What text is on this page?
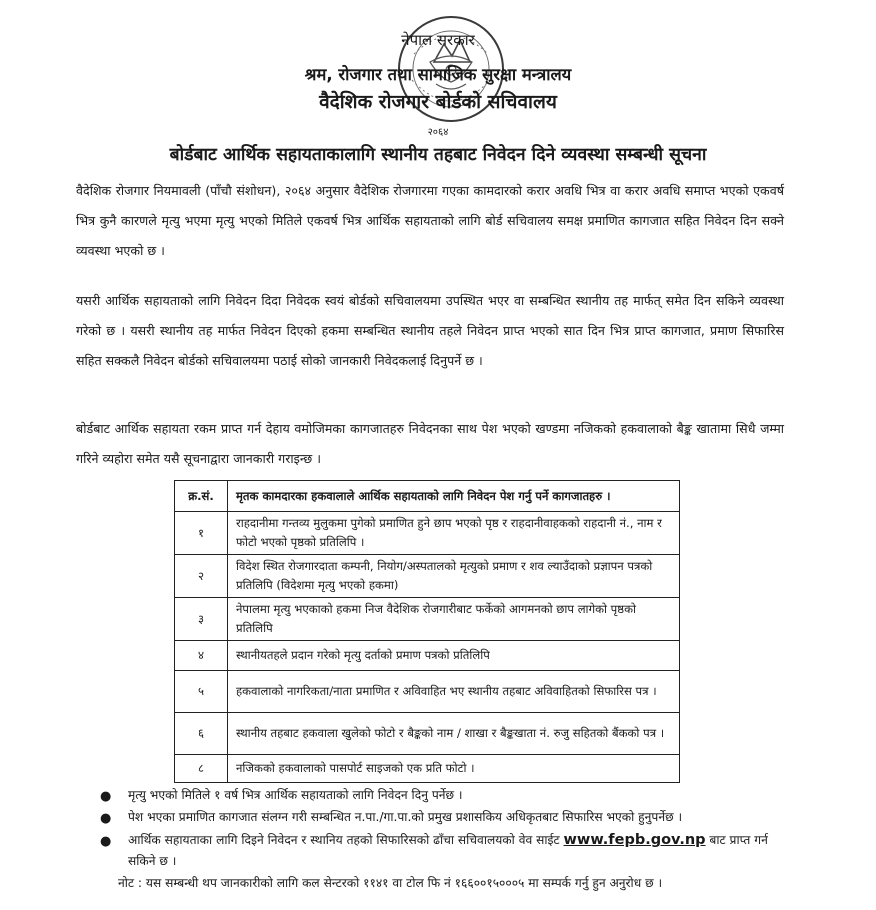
नेपाल सरकार
श्रम, रोजगार तथा सामाजिक सुरक्षा मन्त्रालय
वैदेशिक रोजगार बोर्डको सचिवालय
२०६४
बोर्डबाट आर्थिक सहायताकालागि स्थानीय तहबाट निवेदन दिने व्यवस्था सम्बन्धी सूचना
वैदेशिक रोजगार नियमावली (पाँचौ संशोधन), २०६४ अनुसार वैदेशिक रोजगारमा गएका कामदारको करार अवधि भित्र वा करार अवधि समाप्त भएको एकवर्ष भित्र कुनै कारणले मृत्यु भएमा मृत्यु भएको मितिले एकवर्ष भित्र आर्थिक सहायताको लागि बोर्ड सचिवालय समक्ष प्रमाणित कागजात सहित निवेदन दिन सक्ने व्यवस्था भएको छ ।
यसरी आर्थिक सहायताको लागि निवेदन दिदा निवेदक स्वयं बोर्डको सचिवालयमा उपस्थित भएर वा सम्बन्धित स्थानीय तह मार्फत् समेत दिन सकिने व्यवस्था गरेको छ । यसरी स्थानीय तह मार्फत निवेदन दिएको हकमा सम्बन्धित स्थानीय तहले निवेदन प्राप्त भएको सात दिन भित्र प्राप्त कागजात, प्रमाण सिफारिस सहित सक्कलै निवेदन बोर्डको सचिवालयमा पठाई सोको जानकारी निवेदकलाई दिनुपर्ने छ ।
बोर्डबाट आर्थिक सहायता रकम प्राप्त गर्न देहाय वमोजिमका कागजातहरु निवेदनका साथ पेश भएको खण्डमा नजिकको हकवालाको बैङ्क खातामा सिधै जम्मा गरिने व्यहोरा समेत यसै सूचनाद्वारा जानकारी गराइन्छ ।
क्र.सं.	मृतक कामदारका हकवालाले आर्थिक सहायताको लागि निवेदन पेश गर्नु पर्ने कागजातहरु ।
१	राहदानीमा गन्तव्य मुलुकमा पुगेको प्रमाणित हुने छाप भएको पृष्ठ र राहदानीवाहकको राहदानी नं., नाम र फोटो भएको पृष्ठको प्रतिलिपि ।
२	विदेश स्थित रोजगारदाता कम्पनी, नियोग/अस्पतालको मृत्युको प्रमाण र शव ल्याउँदाको प्रज्ञापन पत्रको प्रतिलिपि (विदेशमा मृत्यु भएको हकमा)
३	नेपालमा मृत्यु भएकाको हकमा निज वैदेशिक रोजगारीबाट फर्केको आगमनको छाप लागेको पृष्ठको प्रतिलिपि
४	स्थानीयतहले प्रदान गरेको मृत्यु दर्ताको प्रमाण पत्रको प्रतिलिपि
५	हकवालाको नागरिकता/नाता प्रमाणित र अविवाहित भए स्थानीय तहबाट अविवाहितको सिफारिस पत्र ।
६	स्थानीय तहबाट हकवाला खुलेको फोटो र बैङ्कको नाम / शाखा र बैङ्कखाता नं. रुजु सहितको बैंकको पत्र ।
८	नजिकको हकवालाको पासपोर्ट साइजको एक प्रति फोटो ।
● मृत्यु भएको मितिले १ वर्ष भित्र आर्थिक सहायताको लागि निवेदन दिनु पर्नेछ ।
● पेश भएका प्रमाणित कागजात संलग्न गरी सम्बन्धित न.पा./गा.पा.को प्रमुख प्रशासकिय अधिकृतबाट सिफारिस भएको हुनुपर्नेछ ।
● आर्थिक सहायताका लागि दिइने निवेदन र स्थानिय तहको सिफारिसको ढाँचा सचिवालयको वेव साईट www.fepb.gov.np बाट प्राप्त गर्न सकिने छ ।
नोट : यस सम्बन्धी थप जानकारीको लागि कल सेन्टरको ११४१ वा टोल फि नं १६६००१५०००५ मा सम्पर्क गर्नु हुन अनुरोध छ ।
